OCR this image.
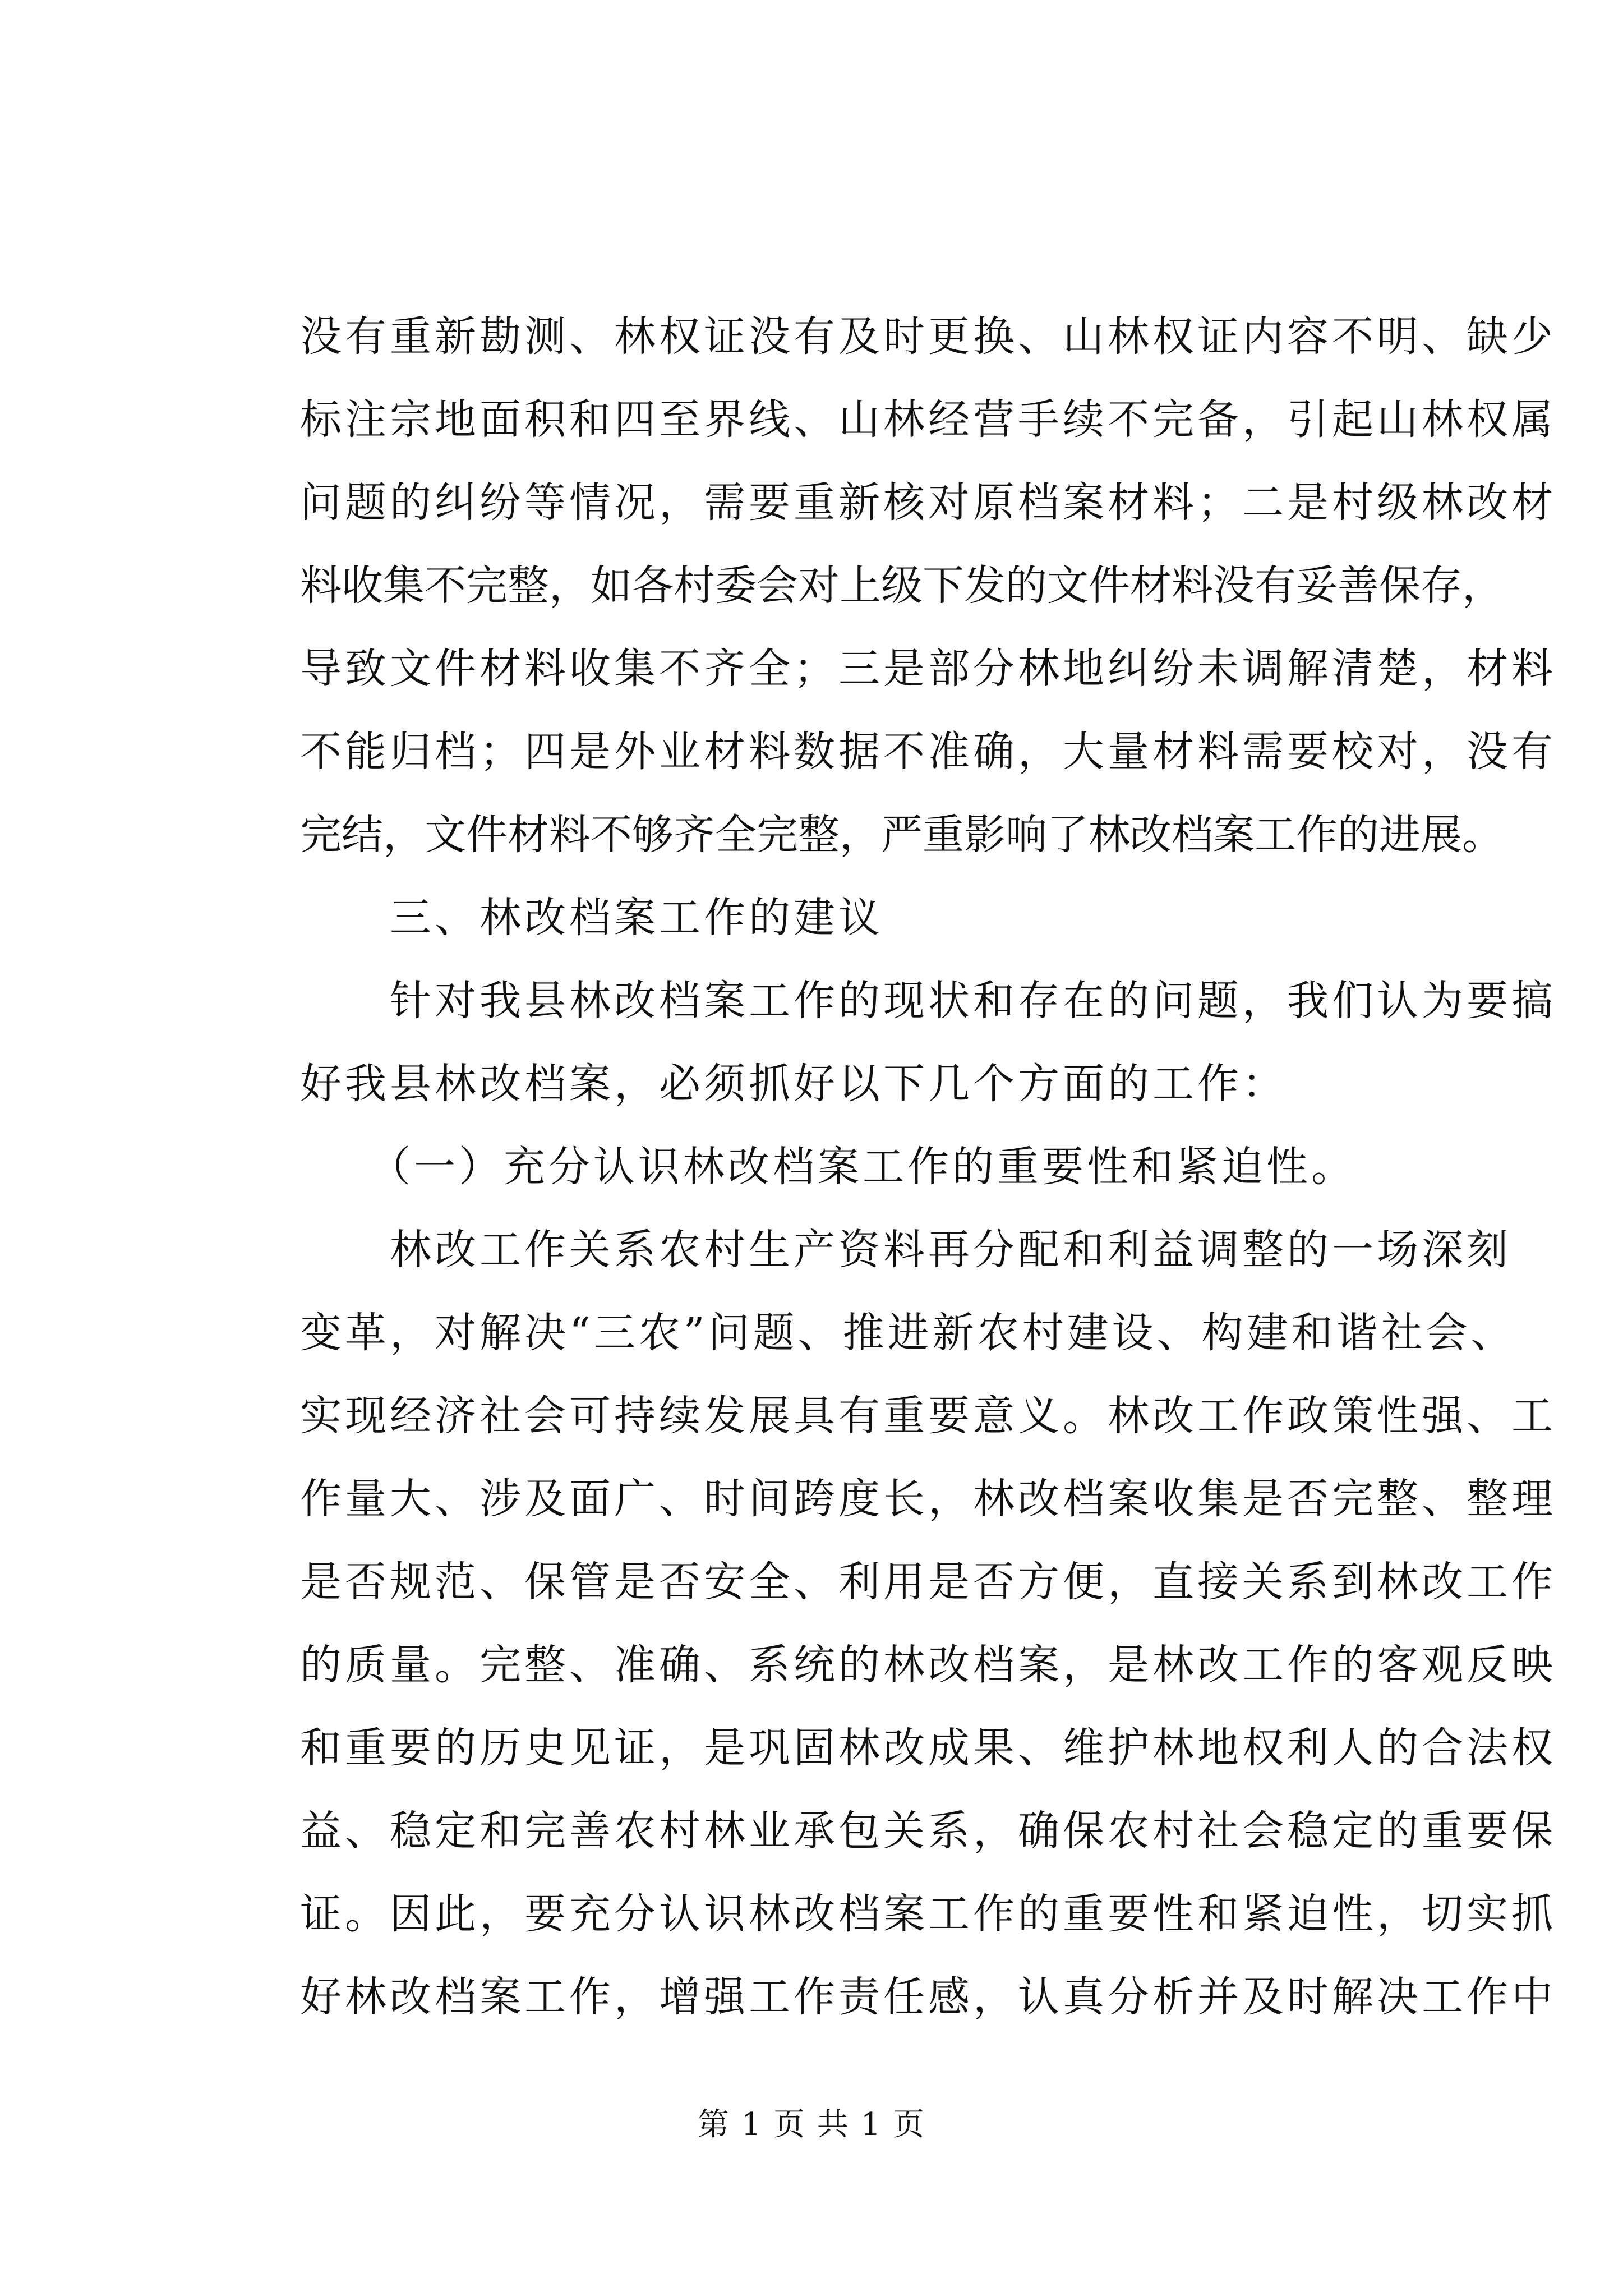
没有重新勘测、林权证没有及时更换、山林权证内容不明、缺少
标注宗地面积和四至界线、山林经营手续不完备，引起山林权属
问题的纠纷等情况，需要重新核对原档案材料；二是村级林改材
料收集不完整，如各村委会对上级下发的文件材料没有妥善保存，
导致文件材料收集不齐全；三是部分林地纠纷未调解清楚，材料
不能归档；四是外业材料数据不准确，大量材料需要校对，没有
完结，文件材料不够齐全完整，严重影响了林改档案工作的进展。
　　三、林改档案工作的建议
　　针对我县林改档案工作的现状和存在的问题，我们认为要搞
好我县林改档案，必须抓好以下几个方面的工作：
　　（一）充分认识林改档案工作的重要性和紧迫性。
　　林改工作关系农村生产资料再分配和利益调整的一场深刻
变革，对解决“三农”问题、推进新农村建设、构建和谐社会、
实现经济社会可持续发展具有重要意义。林改工作政策性强、工
作量大、涉及面广、时间跨度长，林改档案收集是否完整、整理
是否规范、保管是否安全、利用是否方便，直接关系到林改工作
的质量。完整、准确、系统的林改档案，是林改工作的客观反映
和重要的历史见证，是巩固林改成果、维护林地权利人的合法权
益、稳定和完善农村林业承包关系，确保农村社会稳定的重要保
证。因此，要充分认识林改档案工作的重要性和紧迫性，切实抓
好林改档案工作，增强工作责任感，认真分析并及时解决工作中
第 1 页 共 1 页
